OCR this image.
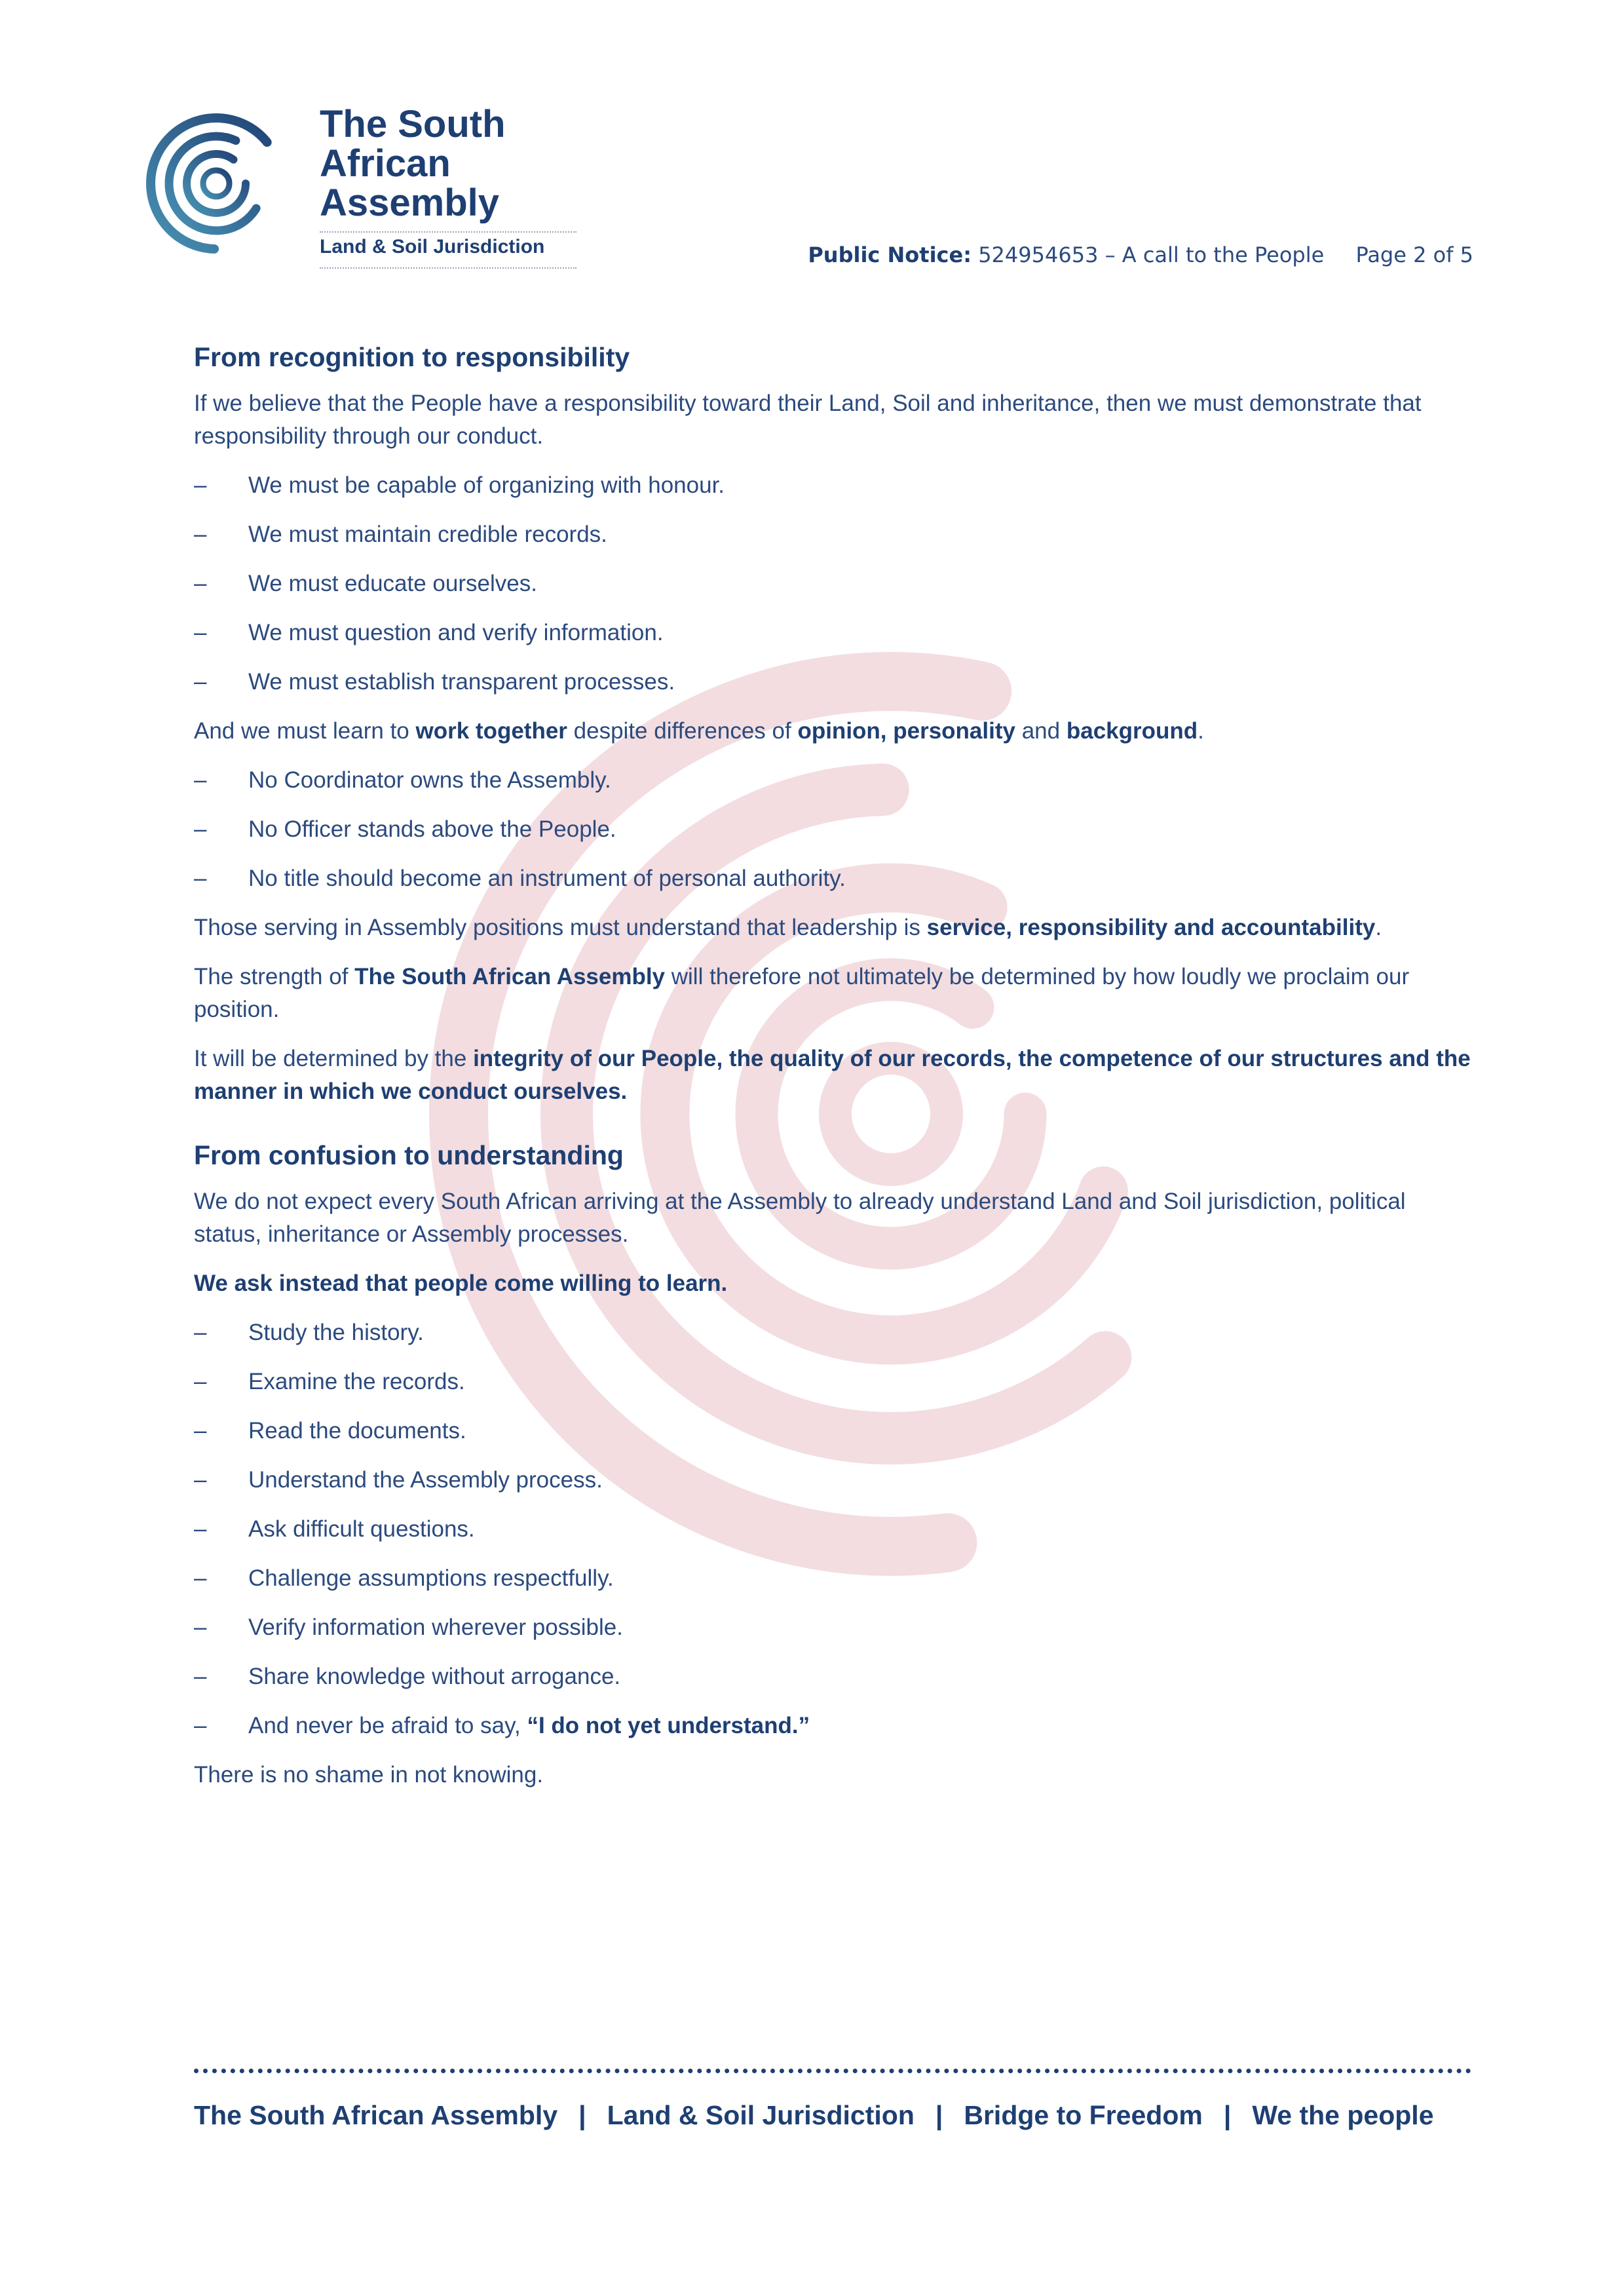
The South
African
Assembly
Land & Soil Jurisdiction	Public Notice: 524954653 – A call to the People Page 2 of 5
From recognition to responsibility

If we believe that the People have a responsibility toward their Land, Soil and inheritance, then we must demonstrate that responsibility through our conduct.

– We must be capable of organizing with honour.
– We must maintain credible records.
– We must educate ourselves.
– We must question and verify information.
– We must establish transparent processes.

And we must learn to work together despite differences of opinion, personality and background.

– No Coordinator owns the Assembly.
– No Officer stands above the People.
– No title should become an instrument of personal authority.

Those serving in Assembly positions must understand that leadership is service, responsibility and accountability.

The strength of The South African Assembly will therefore not ultimately be determined by how loudly we proclaim our position.

It will be determined by the integrity of our People, the quality of our records, the competence of our structures and the manner in which we conduct ourselves.

From confusion to understanding

We do not expect every South African arriving at the Assembly to already understand Land and Soil jurisdiction, political status, inheritance or Assembly processes.

We ask instead that people come willing to learn.

– Study the history.
– Examine the records.
– Read the documents.
– Understand the Assembly process.
– Ask difficult questions.
– Challenge assumptions respectfully.
– Verify information wherever possible.
– Share knowledge without arrogance.
– And never be afraid to say, “I do not yet understand.”

There is no shame in not knowing.

The South African Assembly | Land & Soil Jurisdiction | Bridge to Freedom | We the people
